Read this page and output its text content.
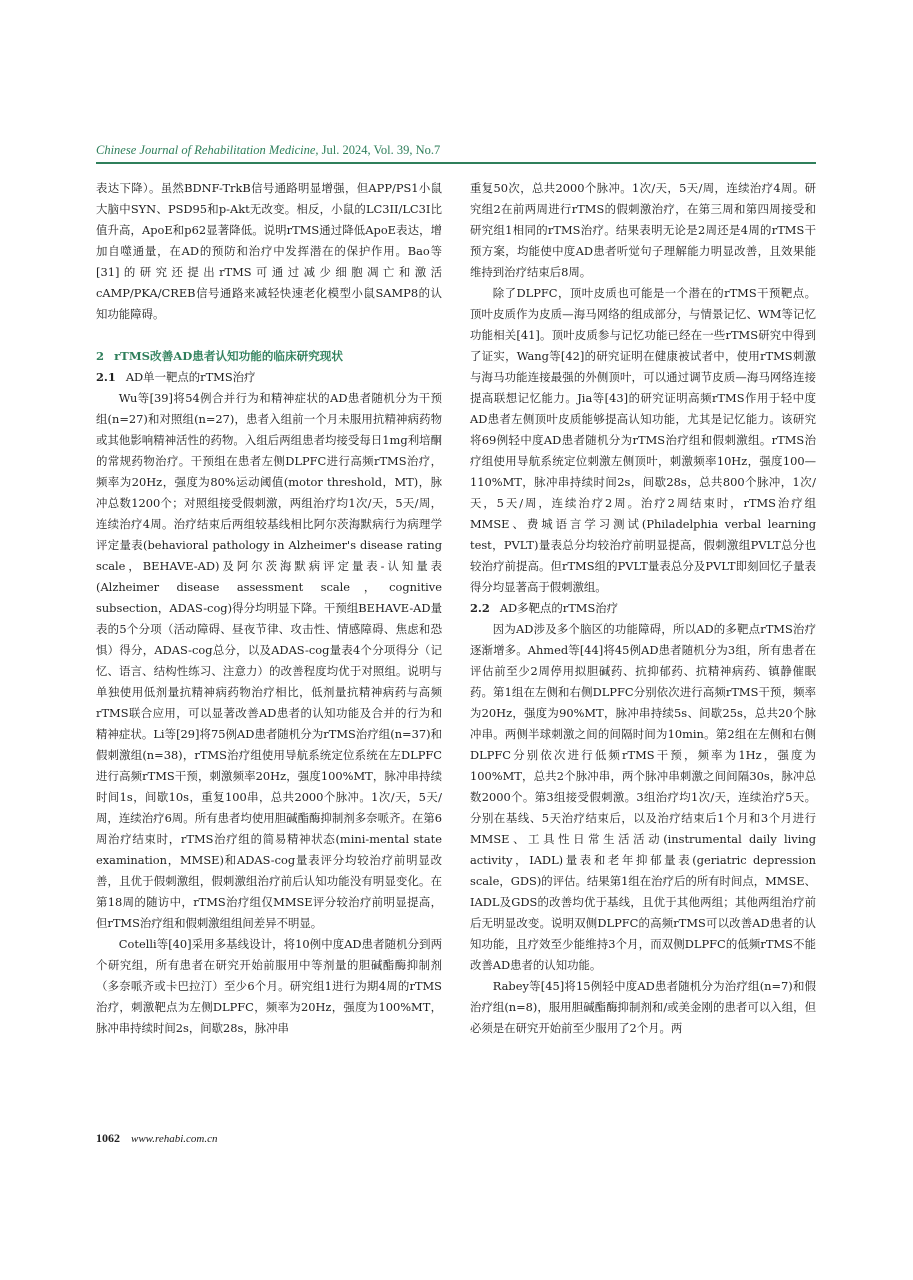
Chinese Journal of Rehabilitation Medicine, Jul. 2024, Vol. 39, No.7

表达下降）。虽然BDNF-TrkB信号通路明显增强，但APP/PS1小鼠大脑中SYN、PSD95和p-Akt无改变。相反，小鼠的LC3II/LC3I比值升高，ApoE和p62显著降低。说明rTMS通过降低ApoE表达，增加自噬通量，在AD的预防和治疗中发挥潜在的保护作用。Bao等[31]的研究还提出rTMS可通过减少细胞凋亡和激活cAMP/PKA/CREB信号通路来减轻快速老化模型小鼠SAMP8的认知功能障碍。

2 rTMS改善AD患者认知功能的临床研究现状
2.1 AD单一靶点的rTMS治疗

Wu等[39]将54例合并行为和精神症状的AD患者随机分为干预组(n=27)和对照组(n=27)，患者入组前一个月未服用抗精神病药物或其他影响精神活性的药物。入组后两组患者均接受每日1mg利培酮的常规药物治疗。干预组在患者左侧DLPFC进行高频rTMS治疗，频率为20Hz，强度为80%运动阈值(motor threshold，MT)，脉冲总数1200个；对照组接受假刺激，两组治疗均1次/天，5天/周，连续治疗4周。治疗结束后两组较基线相比阿尔茨海默病行为病理学评定量表(behavioral pathology in Alzheimer's disease rating scale，BEHAVE-AD)及阿尔茨海默病评定量表-认知量表(Alzheimer disease assessment scale，cognitive subsection，ADAS-cog)得分均明显下降。干预组BEHAVE-AD量表的5个分项（活动障碍、昼夜节律、攻击性、情感障碍、焦虑和恐惧）得分，ADAS-cog总分，以及ADAS-cog量表4个分项得分（记忆、语言、结构性练习、注意力）的改善程度均优于对照组。说明与单独使用低剂量抗精神病药物治疗相比，低剂量抗精神病药与高频rTMS联合应用，可以显著改善AD患者的认知功能及合并的行为和精神症状。Li等[29]将75例AD患者随机分为rTMS治疗组(n=37)和假刺激组(n=38)，rTMS治疗组使用导航系统定位系统在左DLPFC进行高频rTMS干预，刺激频率20Hz，强度100%MT，脉冲串持续时间1s，间歇10s，重复100串，总共2000个脉冲。1次/天，5天/周，连续治疗6周。所有患者均使用胆碱酯酶抑制剂多奈哌齐。在第6周治疗结束时，rTMS治疗组的简易精神状态(mini-mental state examination，MMSE)和ADAS-cog量表评分均较治疗前明显改善，且优于假刺激组，假刺激组治疗前后认知功能没有明显变化。在第18周的随访中，rTMS治疗组仅MMSE评分较治疗前明显提高，但rTMS治疗组和假刺激组组间差异不明显。

Cotelli等[40]采用多基线设计，将10例中度AD患者随机分到两个研究组，所有患者在研究开始前服用中等剂量的胆碱酯酶抑制剂（多奈哌齐或卡巴拉汀）至少6个月。研究组1进行为期4周的rTMS治疗，刺激靶点为左侧DLPFC，频率为20Hz，强度为100%MT，脉冲串持续时间2s，间歇28s，脉冲串

重复50次，总共2000个脉冲。1次/天，5天/周，连续治疗4周。研究组2在前两周进行rTMS的假刺激治疗，在第三周和第四周接受和研究组1相同的rTMS治疗。结果表明无论是2周还是4周的rTMS干预方案，均能使中度AD患者听觉句子理解能力明显改善，且效果能维持到治疗结束后8周。

除了DLPFC，顶叶皮质也可能是一个潜在的rTMS干预靶点。顶叶皮质作为皮质—海马网络的组成部分，与情景记忆、WM等记忆功能相关[41]。顶叶皮质参与记忆功能已经在一些rTMS研究中得到了证实，Wang等[42]的研究证明在健康被试者中，使用rTMS刺激与海马功能连接最强的外侧顶叶，可以通过调节皮质—海马网络连接提高联想记忆能力。Jia等[43]的研究证明高频rTMS作用于轻中度AD患者左侧顶叶皮质能够提高认知功能，尤其是记忆能力。该研究将69例轻中度AD患者随机分为rTMS治疗组和假刺激组。rTMS治疗组使用导航系统定位刺激左侧顶叶，刺激频率10Hz，强度100—110%MT，脉冲串持续时间2s，间歇28s，总共800个脉冲，1次/天，5天/周，连续治疗2周。治疗2周结束时，rTMS治疗组MMSE、费城语言学习测试(Philadelphia verbal learning test，PVLT)量表总分均较治疗前明显提高，假刺激组PVLT总分也较治疗前提高。但rTMS组的PVLT量表总分及PVLT即刻回忆子量表得分均显著高于假刺激组。

2.2 AD多靶点的rTMS治疗

因为AD涉及多个脑区的功能障碍，所以AD的多靶点rTMS治疗逐渐增多。Ahmed等[44]将45例AD患者随机分为3组，所有患者在评估前至少2周停用拟胆碱药、抗抑郁药、抗精神病药、镇静催眠药。第1组在左侧和右侧DLPFC分别依次进行高频rTMS干预，频率为20Hz，强度为90%MT，脉冲串持续5s、间歇25s，总共20个脉冲串。两侧半球刺激之间的间隔时间为10min。第2组在左侧和右侧DLPFC分别依次进行低频rTMS干预，频率为1Hz，强度为100%MT，总共2个脉冲串，两个脉冲串刺激之间间隔30s，脉冲总数2000个。第3组接受假刺激。3组治疗均1次/天，连续治疗5天。分别在基线、5天治疗结束后，以及治疗结束后1个月和3个月进行MMSE、工具性日常生活活动(instrumental daily living activity，IADL)量表和老年抑郁量表(geriatric depression scale，GDS)的评估。结果第1组在治疗后的所有时间点，MMSE、IADL及GDS的改善均优于基线，且优于其他两组；其他两组治疗前后无明显改变。说明双侧DLPFC的高频rTMS可以改善AD患者的认知功能，且疗效至少能维持3个月，而双侧DLPFC的低频rTMS不能改善AD患者的认知功能。

Rabey等[45]将15例轻中度AD患者随机分为治疗组(n=7)和假治疗组(n=8)，服用胆碱酯酶抑制剂和/或美金刚的患者可以入组，但必须是在研究开始前至少服用了2个月。两

1062 www.rehabi.com.cn
